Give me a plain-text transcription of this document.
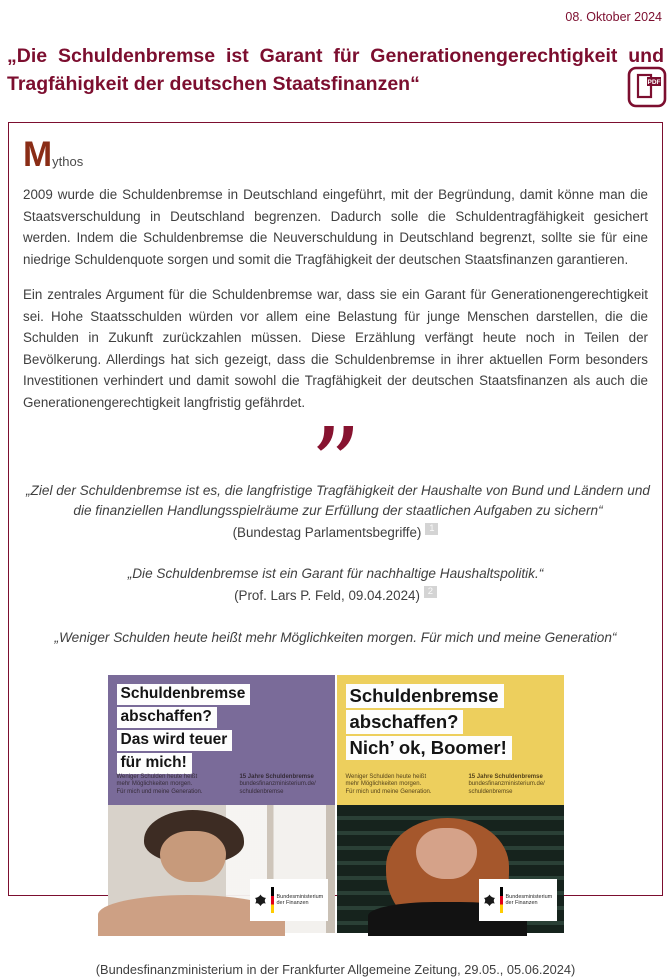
08. Oktober 2024
„Die Schuldenbremse ist Garant für Generationengerechtigkeit und Tragfähigkeit der deutschen Staatsfinanzen“	PDF
Mythos

2009 wurde die Schuldenbremse in Deutschland eingeführt, mit der Begründung, damit könne man die Staatsverschuldung in Deutschland begrenzen. Dadurch solle die Schuldentragfähigkeit gesichert werden. Indem die Schuldenbremse die Neuverschuldung in Deutschland begrenzt, sollte sie für eine niedrige Schuldenquote sorgen und somit die Tragfähigkeit der deutschen Staatsfinanzen garantieren.

Ein zentrales Argument für die Schuldenbremse war, dass sie ein Garant für Generationengerechtigkeit sei. Hohe Staatsschulden würden vor allem eine Belastung für junge Menschen darstellen, die die Schulden in Zukunft zurückzahlen müssen. Diese Erzählung verfängt heute noch in Teilen der Bevölkerung. Allerdings hat sich gezeigt, dass die Schuldenbremse in ihrer aktuellen Form besonders Investitionen verhindert und damit sowohl die Tragfähigkeit der deutschen Staatsfinanzen als auch die Generationengerechtigkeit langfristig gefährdet.

”

„Ziel der Schuldenbremse ist es, die langfristige Tragfähigkeit der Haushalte von Bund und Ländern und die finanziellen Handlungsspielräume zur Erfüllung der staatlichen Aufgaben zu sichern“

(Bundestag Parlamentsbegriffe) 1

„Die Schuldenbremse ist ein Garant für nachhaltige Haushaltspolitik.“

(Prof. Lars P. Feld, 09.04.2024) 2

„Weniger Schulden heute heißt mehr Möglichkeiten morgen. Für mich und meine Generation“

Schuldenbremse
abschaffen?
Das wird teuer
für mich!
Weniger Schulden heute heißt
mehr Möglichkeiten morgen.
Für mich und meine Generation.
15 Jahre Schuldenbremse
bundesfinanzministerium.de/
schuldenbremse
Bundesministerium
der Finanzen
Schuldenbremse
abschaffen?
Nich’ ok, Boomer!
Weniger Schulden heute heißt
mehr Möglichkeiten morgen.
Für mich und meine Generation.
15 Jahre Schuldenbremse
bundesfinanzministerium.de/
schuldenbremse
Bundesministerium
der Finanzen
(Bundesfinanzministerium in der Frankfurter Allgemeine Zeitung, 29.05., 05.06.2024)
